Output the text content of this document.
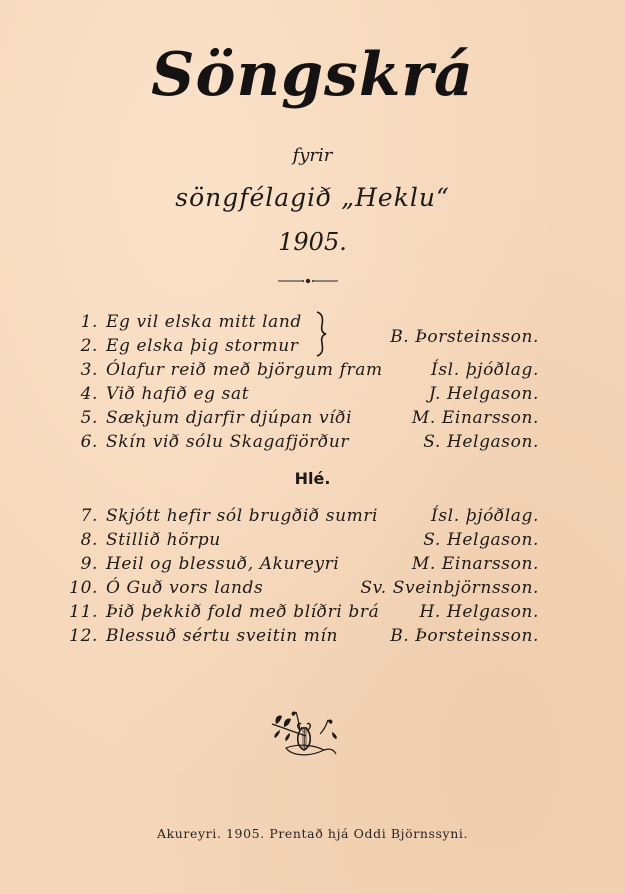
Söngskrá
fyrir
söngfélagið „Heklu“
1905.
1. Eg vil elska mitt land
2. Eg elska þig stormur	B. Þorsteinsson.
3. Ólafur reið með björgum fram	Ísl. þjóðlag.
4. Við hafið eg sat	J. Helgason.
5. Sækjum djarfir djúpan víði	M. Einarsson.
6. Skín við sólu Skagafjörður	S. Helgason.
Hlé.
7. Skjótt hefir sól brugðið sumri	Ísl. þjóðlag.
8. Stillið hörpu	S. Helgason.
9. Heil og blessuð, Akureyri	M. Einarsson.
10. Ó Guð vors lands	Sv. Sveinbjörnsson.
11. Þið þekkið fold með blíðri brá H. Helgason.
12. Blessuð sértu sveitin mín	B. Þorsteinsson.
Akureyri. 1905. Prentað hjá Oddi Björnssyni.
